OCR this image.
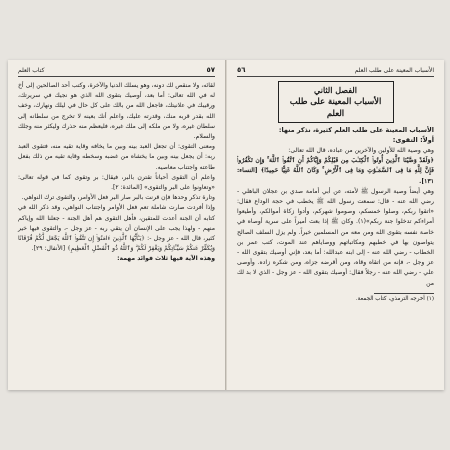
٥٧
كتاب العلم

لقائه، ولا منقص لك دونه، وهو يسلك الدنيا والآخرة، وكتب أحد الصالحين إلى أخ له في الله تعالى: أما بعد، أوصيك بتقوى الله الذي هو نجيك في سريرتك، ورقيبك في علانيتك، فاجعل الله من بالك على كل حال في ليلك ونهارك، وخف الله بقدر قربه منك، وقدرته عليك، واعلم أنك بعينه لا تخرج من سلطانه إلى سلطان غيره، ولا من ملكه إلى ملك غيره، فليعظم منه حذرك وليكثر منه وجلك والسلام.

ومعنى التقوى: أن تجعل العبد بينه وبين ما يخافه وقاية تقيه منه، فتقوى العبد ربه: أن يجعل بينه وبين ما يخشاه من غضبه وسخطه وقاية تقيه من ذلك بفعل طاعته واجتناب معاصيه.

واعلم أن التقوى أحياناً تقترن بالبر، فيقال: بر وتقوى كما في قوله تعالى: «وتعاونوا على البر والتقوى» [المائدة: ٢].

وتارة تذكر وحدها فإن قرنت بالبر صار البر فعل الأوامر، والتقوى ترك النواهي.

وإذا أفردت صارت شاملة تعم فعل الأوامر واجتناب النواهي، وقد ذكر الله في كتابه أن الجنة أعدت للمتقين، فأهل التقوى هم أهل الجنة - جعلنا الله وإياكم منهم - ولهذا يجب على الإنسان أن يتقي ربه - عز وجل -، والتقوى فيها خير كثير، قال الله - عز وجل -: ﴿يَـٰٓأَيُّهَا ٱلَّذِينَ ءَامَنُوٓا۟ إِن تَتَّقُوا۟ ٱللَّهَ يَجْعَل لَّكُمْ فُرْقَانًا وَيُكَفِّرْ عَنكُمْ سَيِّـَٔاتِكُمْ وَيَغْفِرْ لَكُمْ ۗ وَٱللَّهُ ذُو ٱلْفَضْلِ ٱلْعَظِيمِ﴾ [الأنفال: ٢٩].

وهذه الآية فيها ثلاث فوائد مهمة:

الأسباب المعينة على طلب العلم
٥٦
الفصل الثاني
الأسباب المعينة على طلب العلم
الأسباب المعينة على طلب العلم كثيرة، نذكر منها:
أولاً: التقوى:

وهي وصية الله للأولين والآخرين من عباده، قال الله تعالى:

﴿وَلَقَدْ وَصَّيْنَا ٱلَّذِينَ أُوتُوا۟ ٱلْكِتَـٰبَ مِن قَبْلِكُمْ وَإِيَّاكُمْ أَنِ ٱتَّقُوا۟ ٱللَّهَ ۚ وَإِن تَكْفُرُوا۟ فَإِنَّ لِلَّهِ مَا فِى ٱلسَّمَـٰوَٰتِ وَمَا فِى ٱلْأَرْضِ ۚ وَكَانَ ٱللَّهُ غَنِيًّا حَمِيدًا﴾ [النساء: ١٣١].

وهي أيضاً وصية الرسول ﷺ لأمته، عن أبي أمامة صدي بن عجلان الباهلي - رضي الله عنه - قال: سمعت رسول الله ﷺ يخطب في حجة الوداع فقال: «اتقوا ربكم، وصلوا خمسكم، وصوموا شهركم، وأدوا زكاة أموالكم، وأطيعوا أمراءكم تدخلوا جنة ربكم»(١). وكان ﷺ إذا بعث أميراً على سرية أوصاه في خاصة نفسه بتقوى الله ومن معه من المسلمين خيراً. ولم يزل السلف الصالح يتواصون بها في خطبهم ومكاتباتهم ووصاياهم عند الموت، كتب عمر بن الخطاب - رضي الله عنه - إلى ابنه عبدالله: أما بعد، فإني أوصيك بتقوى الله - عز وجل -، فإنه من اتقاه وقاه، ومن أقرضه جزاه، ومن شكره زاده. وأوصى علي - رضي الله عنه - رجلاً فقال: أوصيك بتقوى الله - عز وجل - الذي لا بد لك من

(١) أخرجه الترمذي، كتاب الجمعة.
